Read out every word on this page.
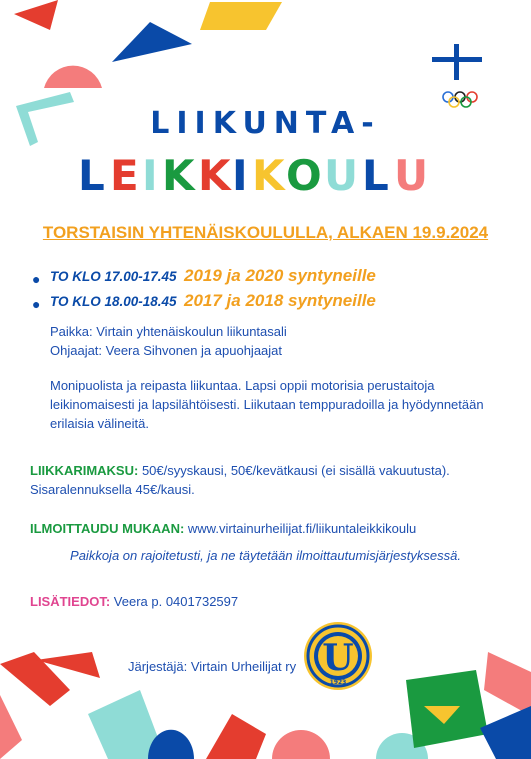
U
1923
LIIKUNTA-
L E I K K I K O U L U
LEIKKIKOULU
TORSTAISIN YHTENÄISKOULULLA, ALKAEN 19.9.2024
● TO KLO 17.00-17.45 2019 ja 2020 syntyneille
● TO KLO 18.00-18.45 2017 ja 2018 syntyneille
Paikka: Virtain yhtenäiskoulun liikuntasali
Ohjaajat: Veera Sihvonen ja apuohjaajat
Monipuolista ja reipasta liikuntaa. Lapsi oppii motorisia perustaitoja
leikinomaisesti ja lapsilähtöisesti. Liikutaan temppuradoilla ja hyödynnetään
erilaisia välineitä.
LIIKKARIMAKSU: 50€/syyskausi, 50€/kevätkausi (ei sisällä vakuutusta).
Sisaralennuksella 45€/kausi.
ILMOITTAUDU MUKAAN: www.virtainurheilijat.fi/liikuntaleikkikoulu
Paikkoja on rajoitetusti, ja ne täytetään ilmoittautumisjärjestyksessä.
LISÄTIEDOT: Veera p. 0401732597
Järjestäjä: Virtain Urheilijat ry
